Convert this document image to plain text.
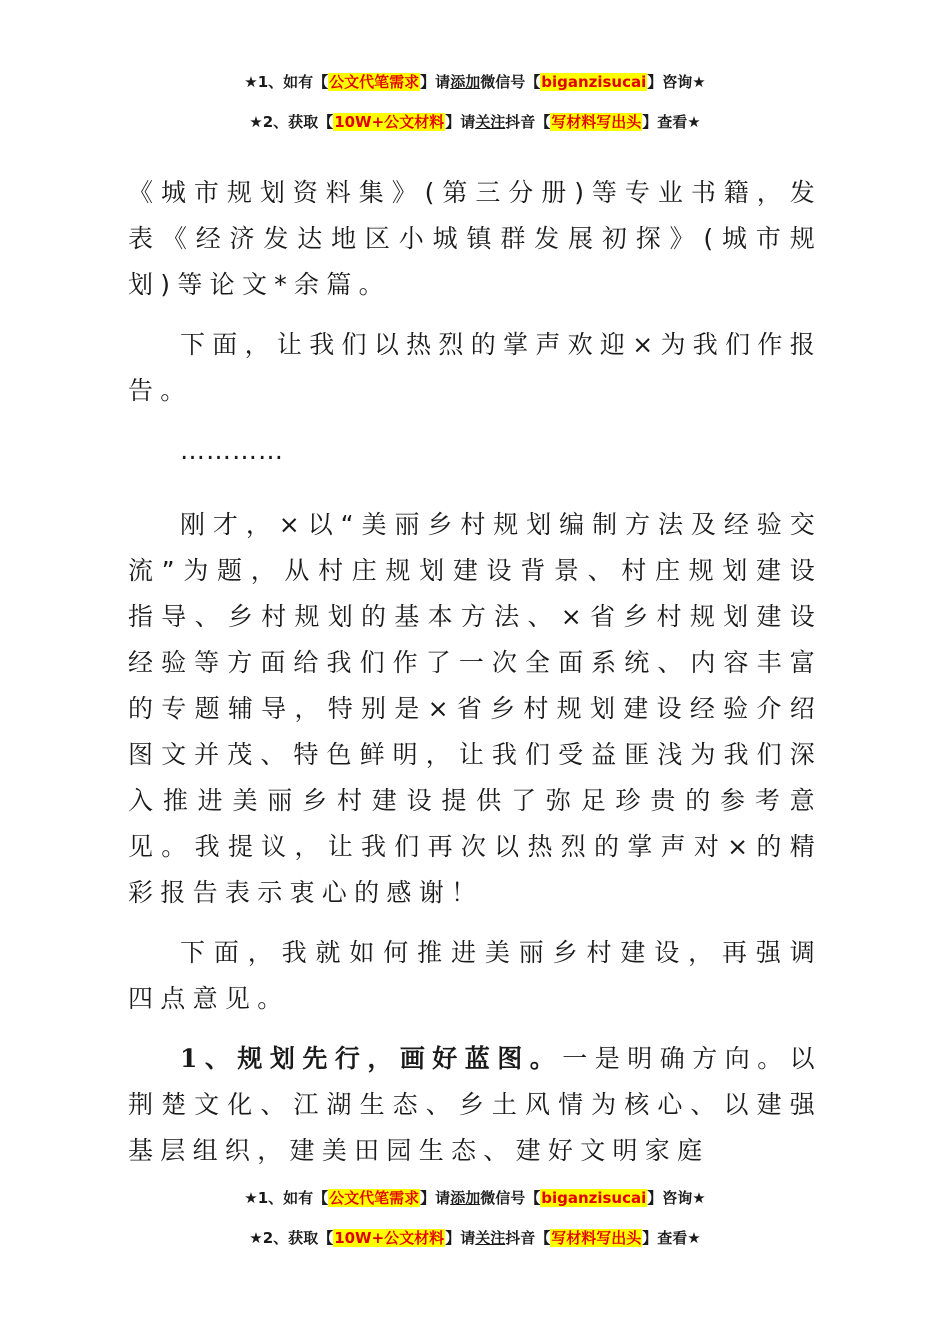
★1、如有【公文代笔需求】请添加微信号【biganzisucai】咨询★
★2、获取【10W+公文材料】请关注抖音【写材料写出头】查看★

《城市规划资料集》(第三分册)等专业书籍，发表《经济发达地区小城镇群发展初探》(城市规划)等论文*余篇。

下面，让我们以热烈的掌声欢迎×为我们作报告。

…………

刚才，×以“美丽乡村规划编制方法及经验交流”为题，从村庄规划建设背景、村庄规划建设指导、乡村规划的基本方法、×省乡村规划建设经验等方面给我们作了一次全面系统、内容丰富的专题辅导，特别是×省乡村规划建设经验介绍图文并茂、特色鲜明，让我们受益匪浅为我们深入推进美丽乡村建设提供了弥足珍贵的参考意见。我提议，让我们再次以热烈的掌声对×的精彩报告表示衷心的感谢！

下面，我就如何推进美丽乡村建设，再强调四点意见。

1、规划先行，画好蓝图。一是明确方向。以荆楚文化、江湖生态、乡土风情为核心、以建强基层组织，建美田园生态、建好文明家庭

★1、如有【公文代笔需求】请添加微信号【biganzisucai】咨询★
★2、获取【10W+公文材料】请关注抖音【写材料写出头】查看★
